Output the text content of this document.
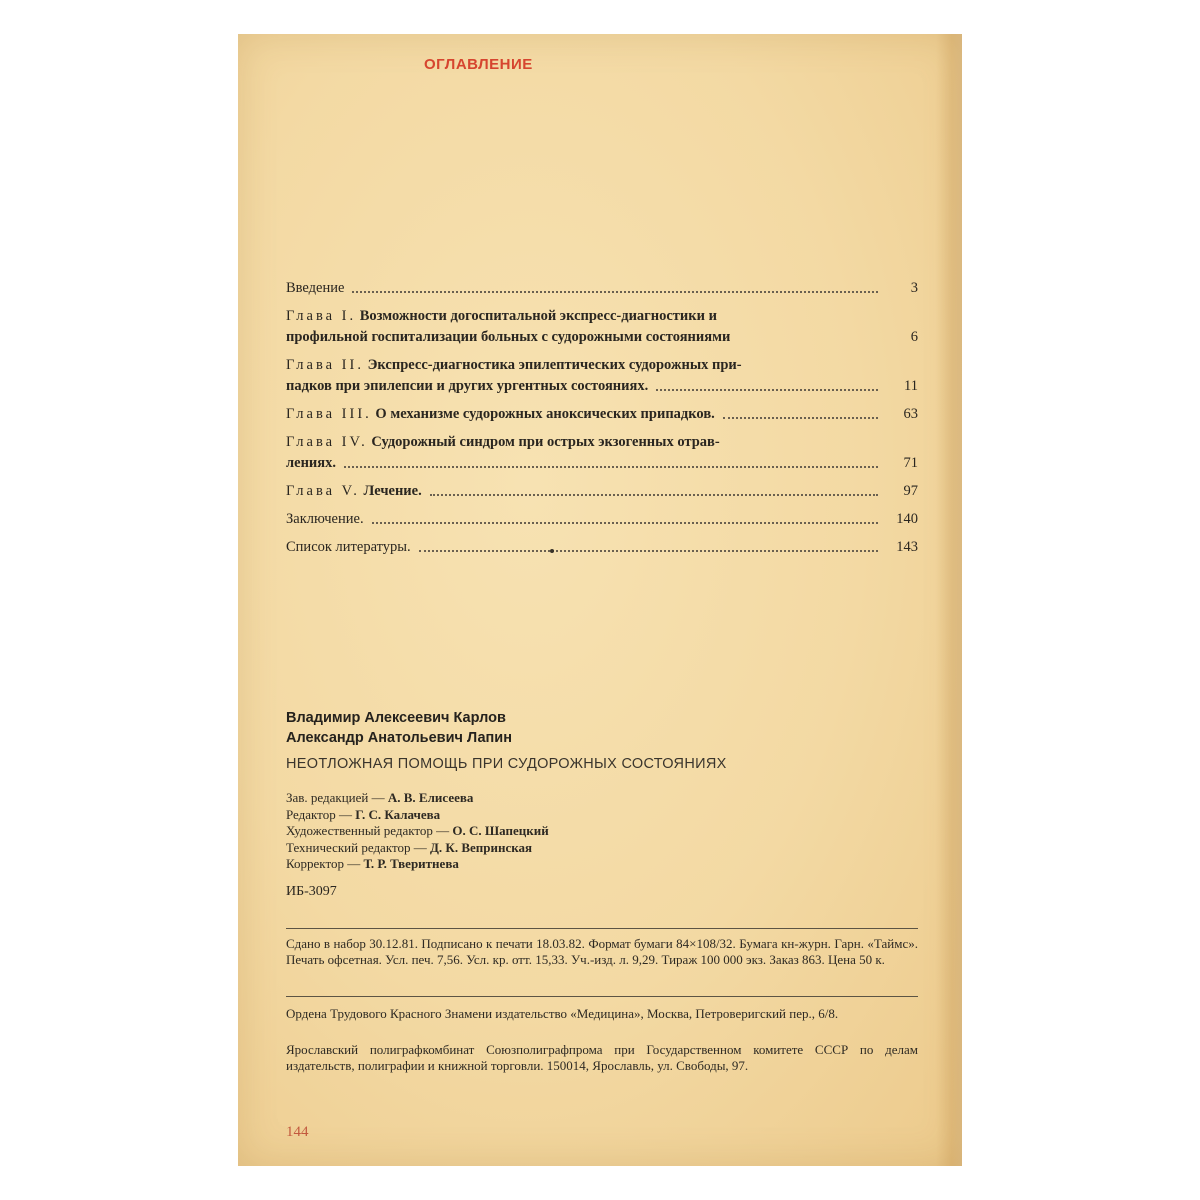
ОГЛАВЛЕНИЕ
Введение	3
Глава I. Возможности догоспитальной экспресс-диагностики и
профильной госпитализации больных с судорожными состояниями	6
Глава II. Экспресс-диагностика эпилептических судорожных при-
падков при эпилепсии и других ургентных состояниях.	11
Глава III. О механизме судорожных аноксических припадков.	63
Глава IV. Судорожный синдром при острых экзогенных отрав-
лениях.	71
Глава V. Лечение.	97
Заключение.	140
Список литературы.	143
Владимир Алексеевич Карлов
Александр Анатольевич Лапин
НЕОТЛОЖНАЯ ПОМОЩЬ ПРИ СУДОРОЖНЫХ СОСТОЯНИЯХ
Зав. редакцией — А. В. Елисеева
Редактор — Г. С. Калачева
Художественный редактор — О. С. Шапецкий
Технический редактор — Д. К. Вепринская
Корректор — Т. Р. Тверитнева
ИБ-3097
Сдано в набор 30.12.81. Подписано к печати 18.03.82. Формат бумаги 84×108/32. Бумага кн-журн. Гарн. «Таймс». Печать офсетная. Усл. печ. 7,56. Усл. кр. отт. 15,33. Уч.-изд. л. 9,29. Тираж 100 000 экз. Заказ 863. Цена 50 к.
Ордена Трудового Красного Знамени издательство «Медицина», Москва, Петроверигский пер., 6/8.
Ярославский полиграфкомбинат Союзполиграфпрома при Государственном комитете СССР по делам издательств, полиграфии и книжной торговли. 150014, Ярославль, ул. Свободы, 97.
144
